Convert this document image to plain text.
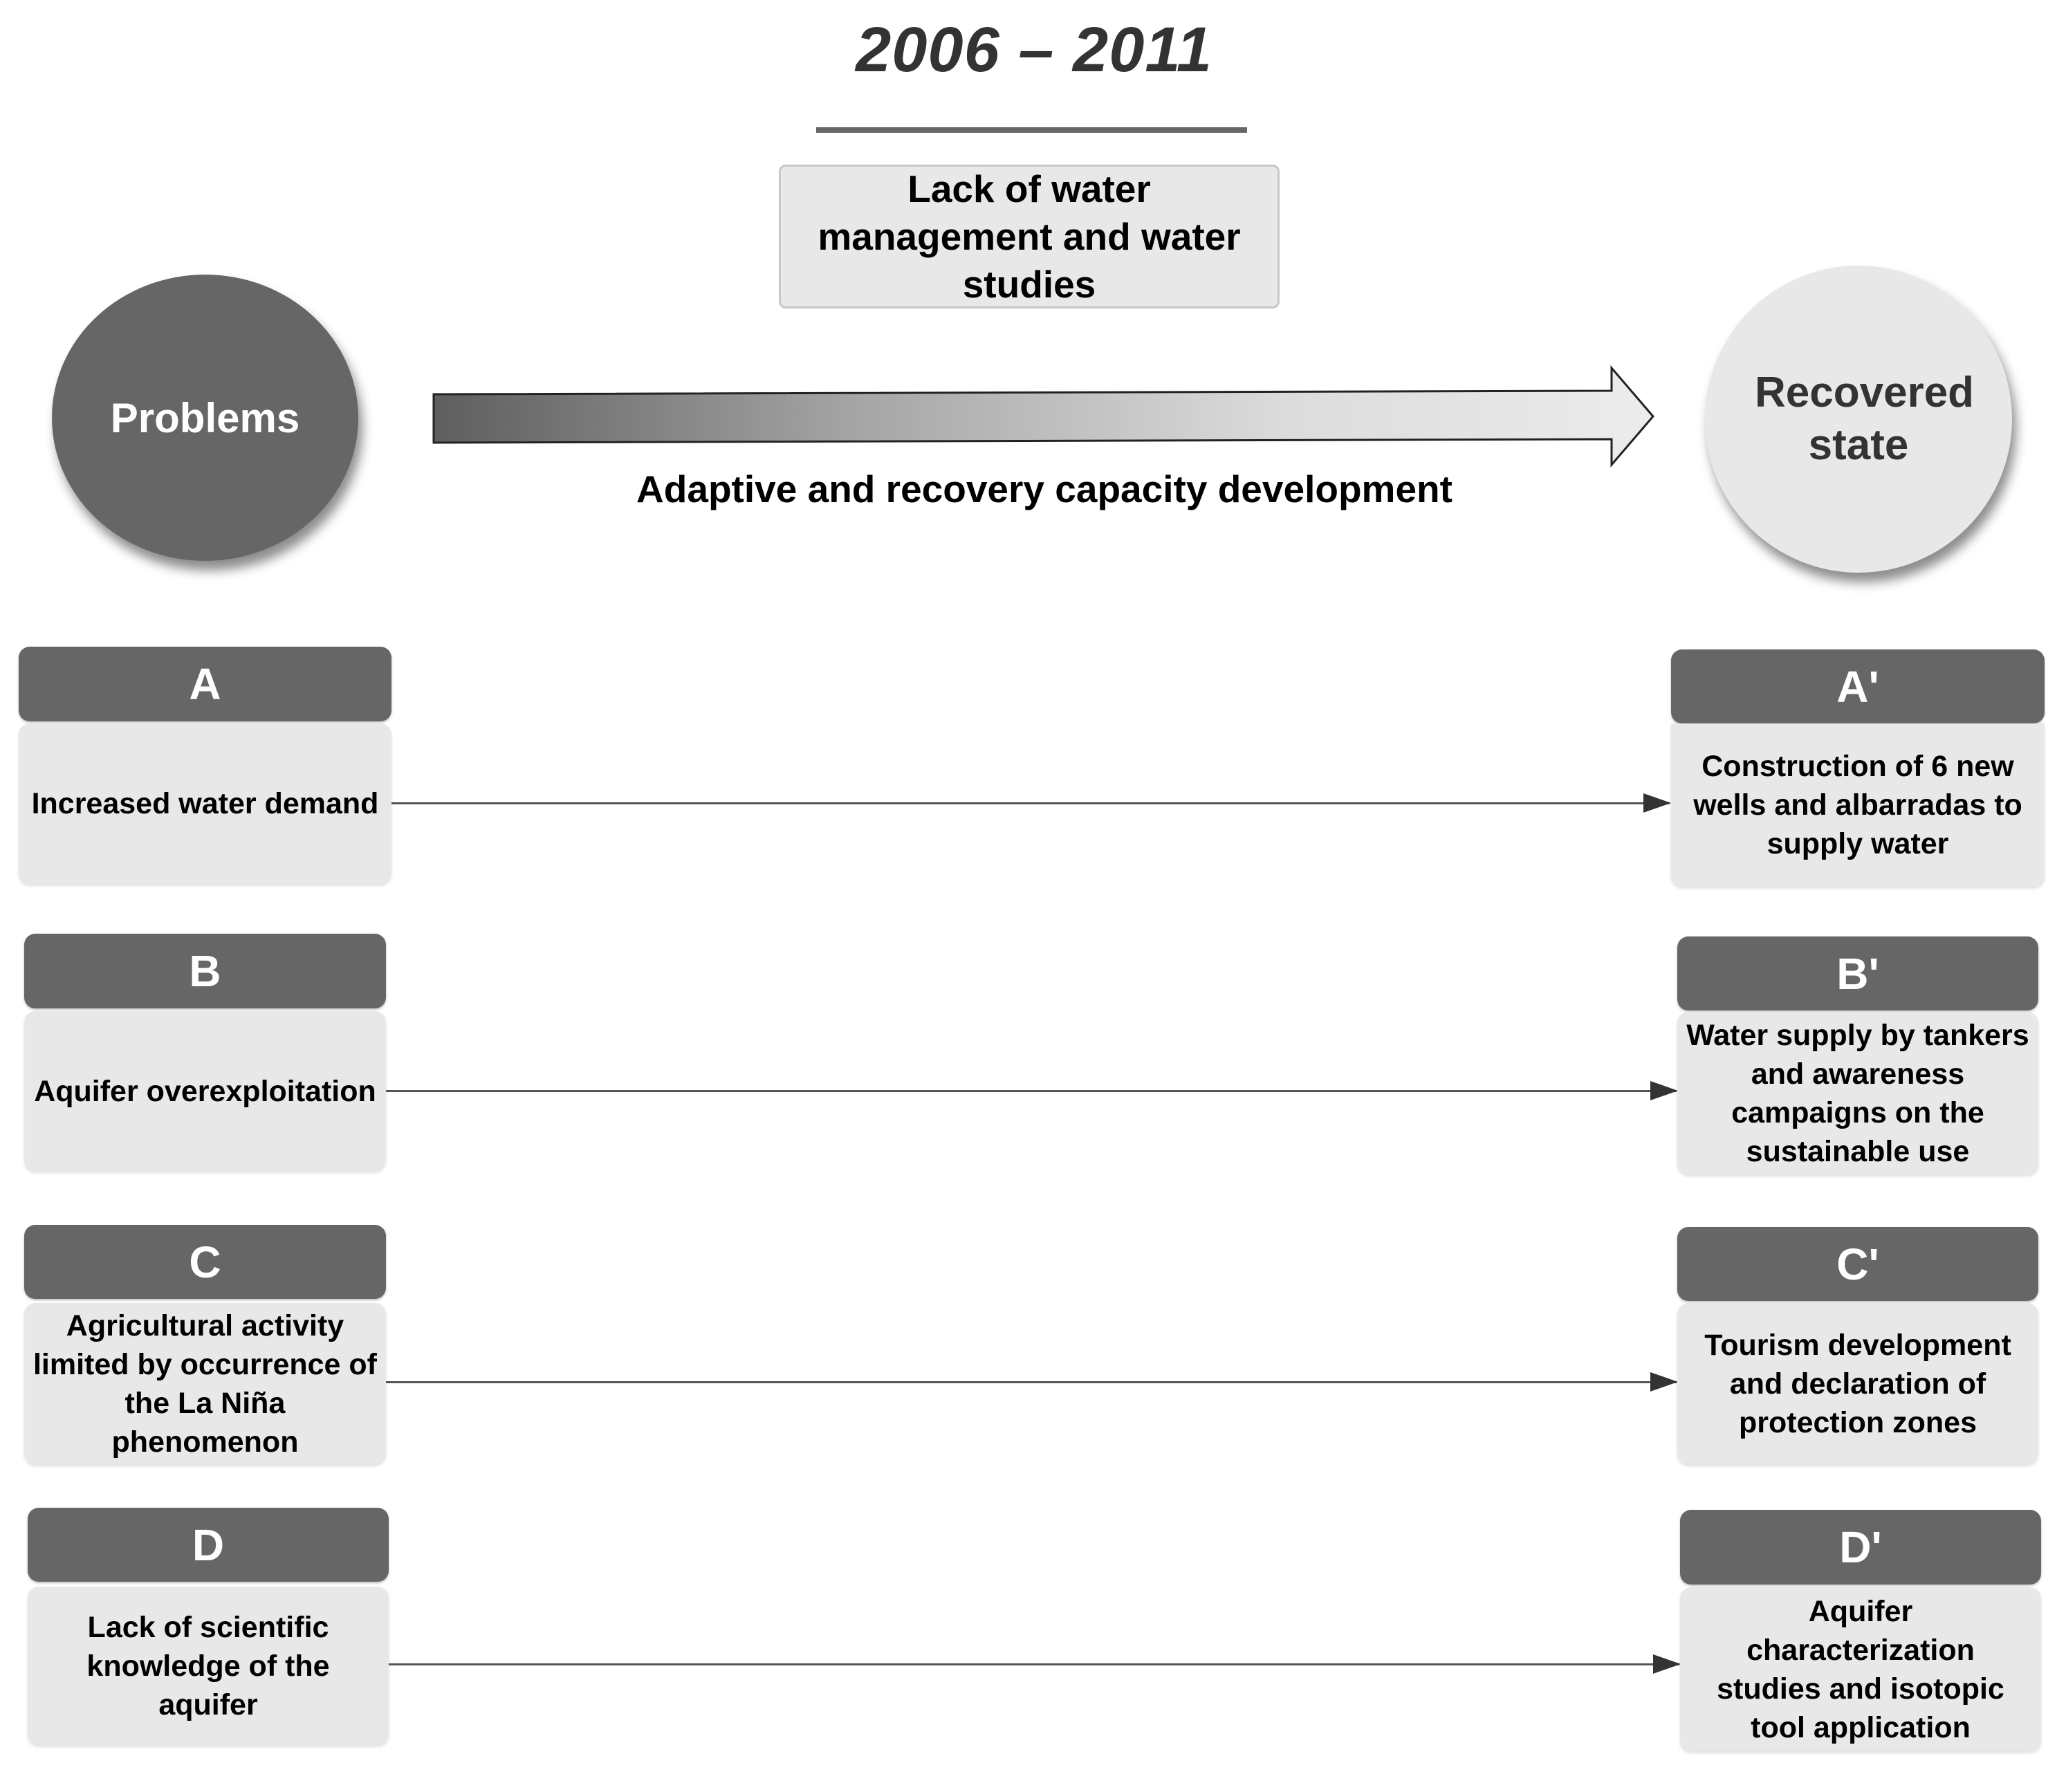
2006 – 2011
Lack of water management and water studies
Problems
Adaptive and recovery capacity development
Recovered state
A
Increased water demand
B
Aquifer overexploitation
C
Agricultural activity limited by occurrence of the La Niña phenomenon
D
Lack of scientific knowledge of the aquifer
A'
Construction of 6 new wells and albarradas to supply water
B'
Water supply by tankers and awareness campaigns on the sustainable use
C'
Tourism development and declaration of protection zones
D'
Aquifer characterization studies and isotopic tool application
